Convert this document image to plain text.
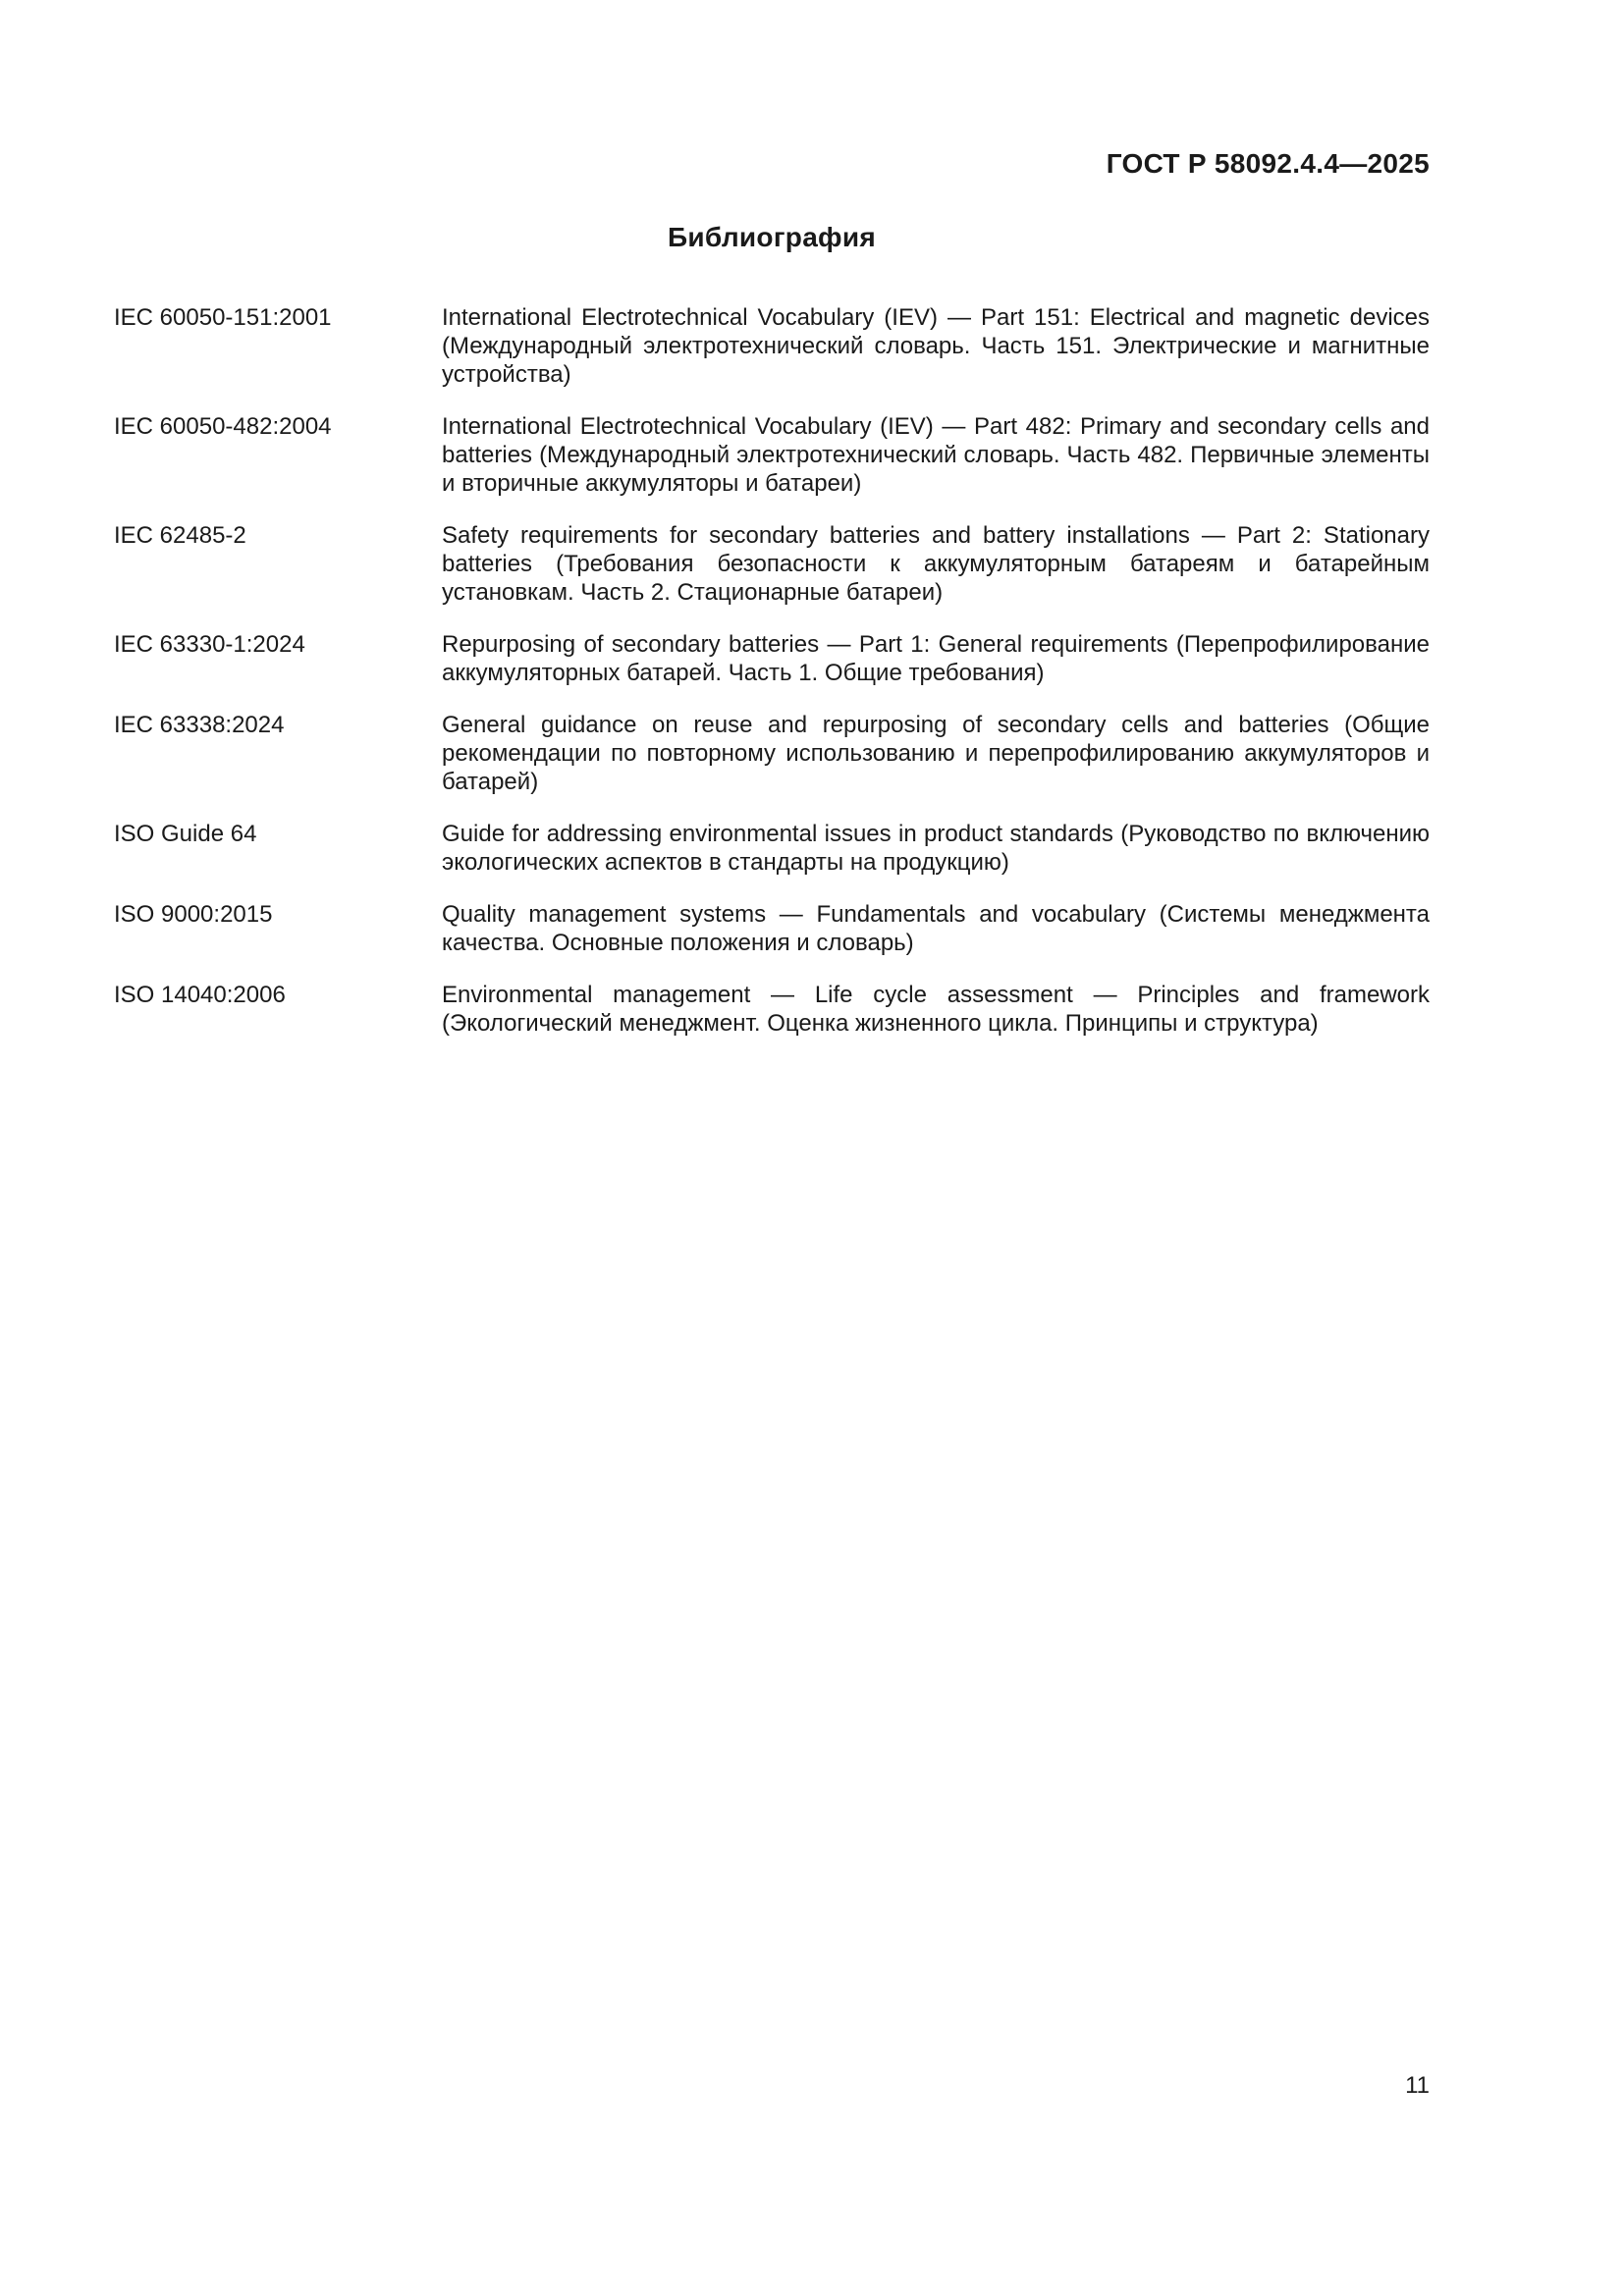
ГОСТ Р 58092.4.4—2025
Библиография
IEC 60050-151:2001	International Electrotechnical Vocabulary (IEV) — Part 151: Electrical and magnetic devices (Международный электротехнический словарь. Часть 151. Электрические и магнитные устройства)
IEC 60050-482:2004	International Electrotechnical Vocabulary (IEV) — Part 482: Primary and secondary cells and batteries (Международный электротехнический словарь. Часть 482. Первичные элементы и вторичные аккумуляторы и батареи)
IEC 62485-2	Safety requirements for secondary batteries and battery installations — Part 2: Stationary batteries (Требования безопасности к аккумуляторным батареям и батарейным установкам. Часть 2. Стационарные батареи)
IEC 63330-1:2024	Repurposing of secondary batteries — Part 1: General requirements (Перепрофилирование аккумуляторных батарей. Часть 1. Общие требования)
IEC 63338:2024	General guidance on reuse and repurposing of secondary cells and batteries (Общие рекомендации по повторному использованию и перепрофилированию аккумуляторов и батарей)
ISO Guide 64	Guide for addressing environmental issues in product standards (Руководство по включению экологических аспектов в стандарты на продукцию)
ISO 9000:2015	Quality management systems — Fundamentals and vocabulary (Системы менеджмента качества. Основные положения и словарь)
ISO 14040:2006	Environmental management — Life cycle assessment — Principles and framework (Экологический менеджмент. Оценка жизненного цикла. Принципы и структура)
11
